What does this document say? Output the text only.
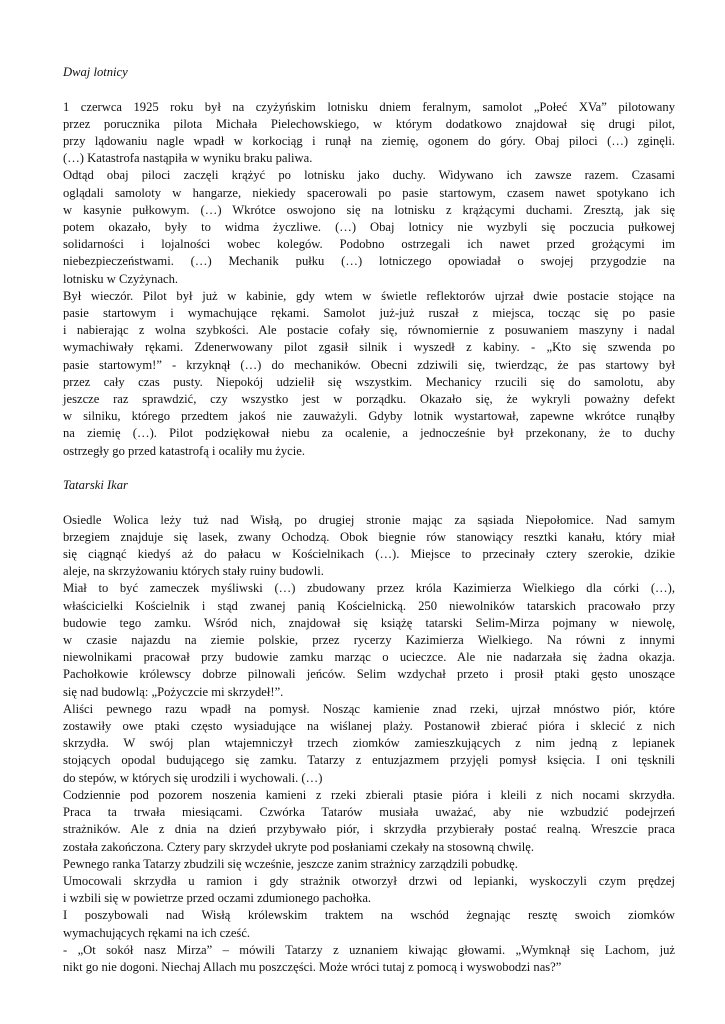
Dwaj lotnicy

1 czerwca 1925 roku był na czyżyńskim lotnisku dniem feralnym, samolot „Połeć XVa” pilotowany
przez porucznika pilota Michała Pielechowskiego, w którym dodatkowo znajdował się drugi pilot,
przy lądowaniu nagle wpadł w korkociąg i runął na ziemię, ogonem do góry. Obaj piloci (…) zginęli.
(…) Katastrofa nastąpiła w wyniku braku paliwa.

Odtąd obaj piloci zaczęli krążyć po lotnisku jako duchy. Widywano ich zawsze razem. Czasami
oglądali samoloty w hangarze, niekiedy spacerowali po pasie startowym, czasem nawet spotykano ich
w kasynie pułkowym. (…) Wkrótce oswojono się na lotnisku z krążącymi duchami. Zresztą, jak się
potem okazało, były to widma życzliwe. (…) Obaj lotnicy nie wyzbyli się poczucia pułkowej
solidarności i lojalności wobec kolegów. Podobno ostrzegali ich nawet przed grożącymi im
niebezpieczeństwami. (…) Mechanik pułku (…) lotniczego opowiadał o swojej przygodzie na
lotnisku w Czyżynach.

Był wieczór. Pilot był już w kabinie, gdy wtem w świetle reflektorów ujrzał dwie postacie stojące na
pasie startowym i wymachujące rękami. Samolot już-już ruszał z miejsca, tocząc się po pasie
i nabierając z wolna szybkości. Ale postacie cofały się, równomiernie z posuwaniem maszyny i nadal
wymachiwały rękami. Zdenerwowany pilot zgasił silnik i wyszedł z kabiny. - „Kto się szwenda po
pasie startowym!” - krzyknął (…) do mechaników. Obecni zdziwili się, twierdząc, że pas startowy był
przez cały czas pusty. Niepokój udzielił się wszystkim. Mechanicy rzucili się do samolotu, aby
jeszcze raz sprawdzić, czy wszystko jest w porządku. Okazało się, że wykryli poważny defekt
w silniku, którego przedtem jakoś nie zauważyli. Gdyby lotnik wystartował, zapewne wkrótce runąłby
na ziemię (…). Pilot podziękował niebu za ocalenie, a jednocześnie był przekonany, że to duchy
ostrzegły go przed katastrofą i ocaliły mu życie.

Tatarski Ikar

Osiedle Wolica leży tuż nad Wisłą, po drugiej stronie mając za sąsiada Niepołomice. Nad samym
brzegiem znajduje się lasek, zwany Ochodzą. Obok biegnie rów stanowiący resztki kanału, który miał
się ciągnąć kiedyś aż do pałacu w Kościelnikach (…). Miejsce to przecinały cztery szerokie, dzikie
aleje, na skrzyżowaniu których stały ruiny budowli.

Miał to być zameczek myśliwski (…) zbudowany przez króla Kazimierza Wielkiego dla córki (…),
właścicielki Kościelnik i stąd zwanej panią Kościelnicką. 250 niewolników tatarskich pracowało przy
budowie tego zamku. Wśród nich, znajdował się książę tatarski Selim-Mirza pojmany w niewolę,
w czasie najazdu na ziemie polskie, przez rycerzy Kazimierza Wielkiego. Na równi z innymi
niewolnikami pracował przy budowie zamku marząc o ucieczce. Ale nie nadarzała się żadna okazja.
Pachołkowie królewscy dobrze pilnowali jeńców. Selim wzdychał przeto i prosił ptaki gęsto unoszące
się nad budowlą: „Pożyczcie mi skrzydeł!”.

Aliści pewnego razu wpadł na pomysł. Nosząc kamienie znad rzeki, ujrzał mnóstwo piór, które
zostawiły owe ptaki często wysiadujące na wiślanej plaży. Postanowił zbierać pióra i sklecić z nich
skrzydła. W swój plan wtajemniczył trzech ziomków zamieszkujących z nim jedną z lepianek
stojących opodal budującego się zamku. Tatarzy z entuzjazmem przyjęli pomysł księcia. I oni tęsknili
do stepów, w których się urodzili i wychowali. (…)

Codziennie pod pozorem noszenia kamieni z rzeki zbierali ptasie pióra i kleili z nich nocami skrzydła.
Praca ta trwała miesiącami. Czwórka Tatarów musiała uważać, aby nie wzbudzić podejrzeń
strażników. Ale z dnia na dzień przybywało piór, i skrzydła przybierały postać realną. Wreszcie praca
została zakończona. Cztery pary skrzydeł ukryte pod posłaniami czekały na stosowną chwilę.

Pewnego ranka Tatarzy zbudzili się wcześnie, jeszcze zanim strażnicy zarządzili pobudkę.

Umocowali skrzydła u ramion i gdy strażnik otworzył drzwi od lepianki, wyskoczyli czym prędzej
i wzbili się w powietrze przed oczami zdumionego pachołka.

I poszybowali nad Wisłą królewskim traktem na wschód żegnając resztę swoich ziomków
wymachujących rękami na ich cześć.

- „Ot sokół nasz Mirza” – mówili Tatarzy z uznaniem kiwając głowami. „Wymknął się Lachom, już
nikt go nie dogoni. Niechaj Allach mu poszczęści. Może wróci tutaj z pomocą i wyswobodzi nas?”
